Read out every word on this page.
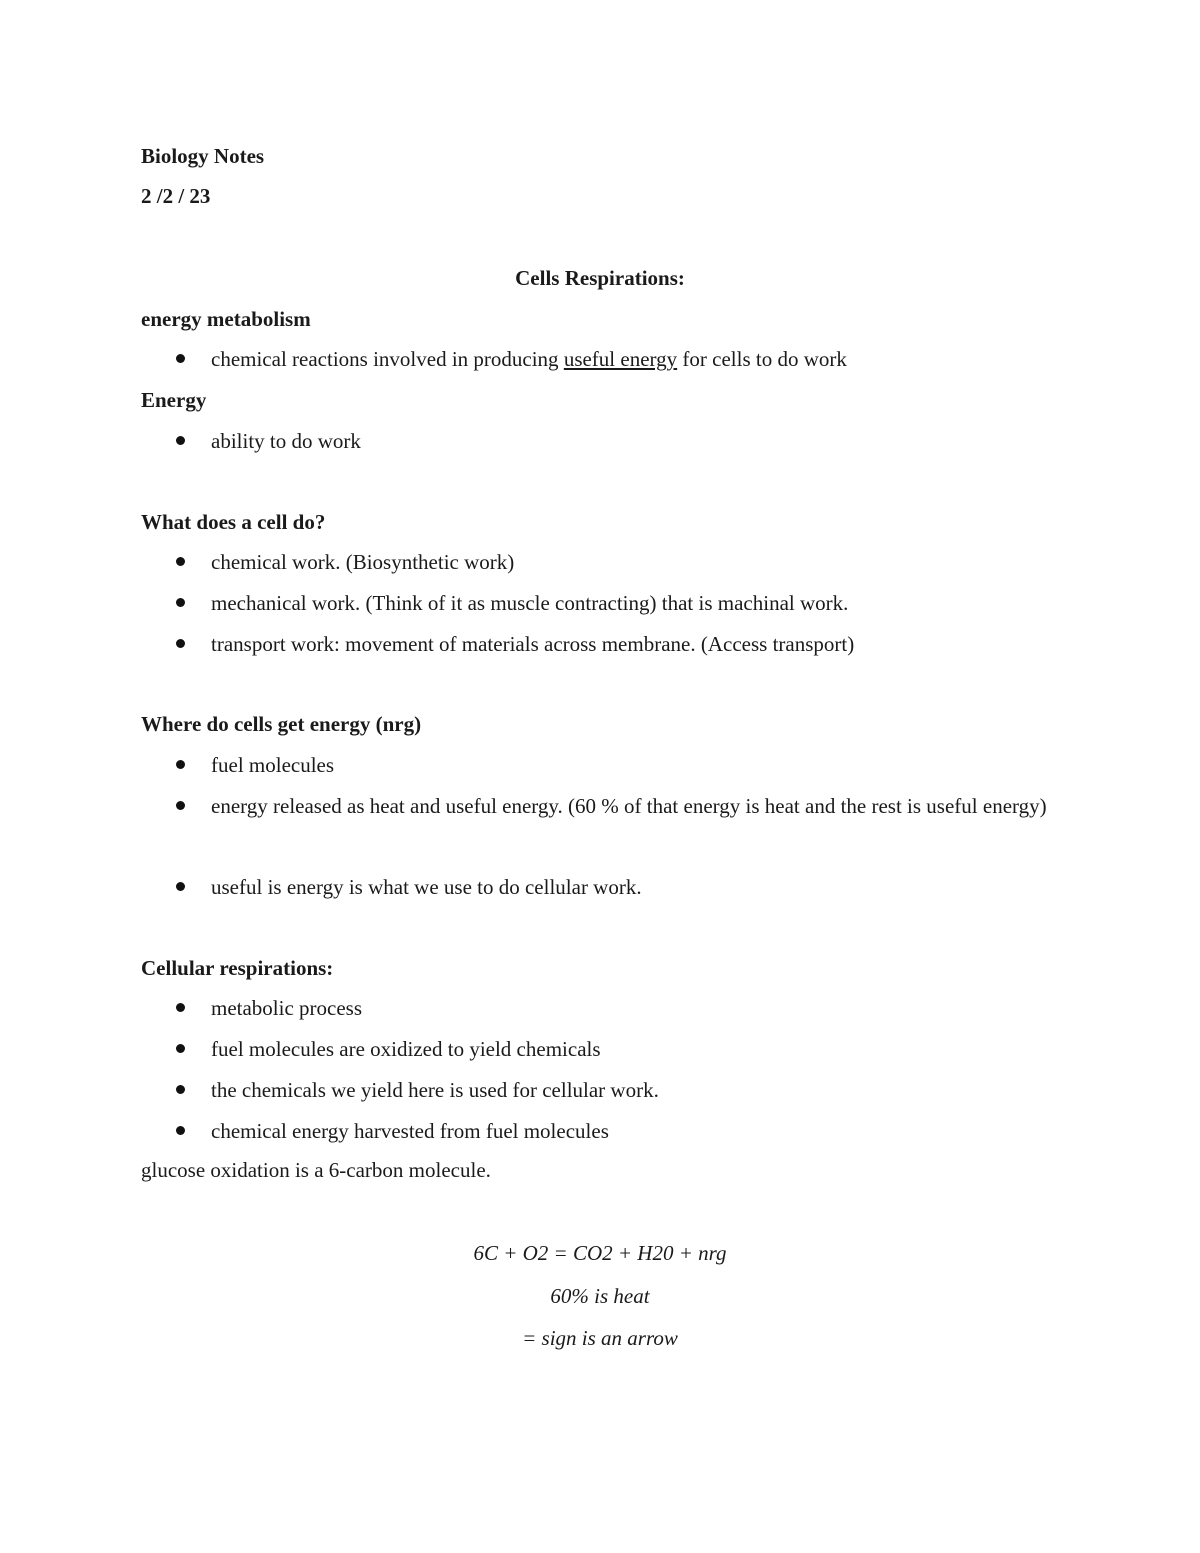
Biology Notes
2 /2 / 23
Cells Respirations:
energy metabolism
chemical reactions involved in producing useful energy for cells to do work
Energy
ability to do work
What does a cell do?
chemical work. (Biosynthetic work)
mechanical work. (Think of it as muscle contracting) that is machinal work.
transport work: movement of materials across membrane. (Access transport)
Where do cells get energy (nrg)
fuel molecules
energy released as heat and useful energy. (60 % of that energy is heat and the rest is useful energy)
useful is energy is what we use to do cellular work.
Cellular respirations:
metabolic process
fuel molecules are oxidized to yield chemicals
the chemicals we yield here is used for cellular work.
chemical energy harvested from fuel molecules
glucose oxidation is a 6-carbon molecule.
6C + O2 = CO2 + H20 + nrg
60% is heat
= sign is an arrow
